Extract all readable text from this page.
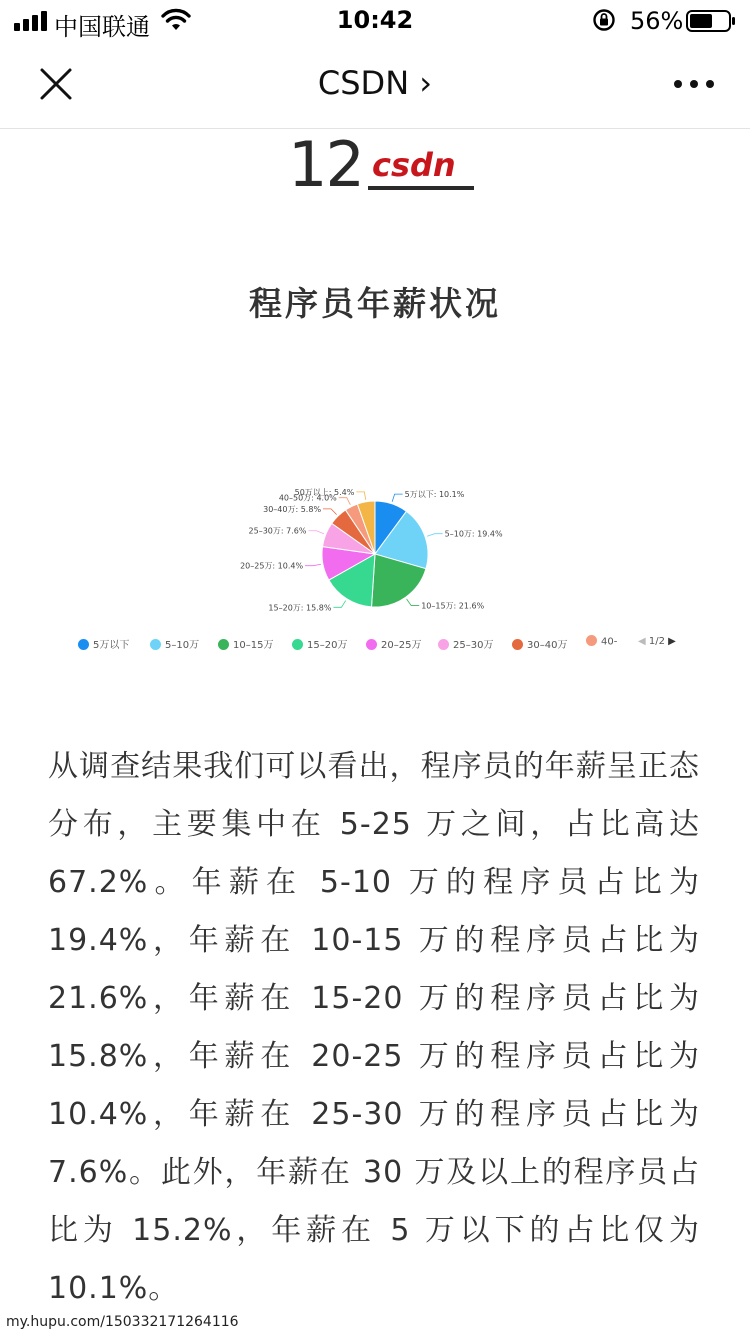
中国联通	10:42	56%
CSDN ›
12 csdn
程序员年薪状况
5万以下: 10.1%
5–10万: 19.4%
10–15万: 21.6%
15–20万: 15.8%
20–25万: 10.4%
25–30万: 7.6%
30–40万: 5.8%
40–50万: 4.0%
50万以上: 5.4%
◀ 1/2 ▶
5万以下	5–10万	10–15万	15–20万	20–25万	25–30万	30–40万	40-
从调查结果我们可以看出，程序员的年薪呈正态分布，主要集中在 5-25 万之间，占比高达 67.2%。年薪在 5-10 万的程序员占比为 19.4%，年薪在 10-15 万的程序员占比为 21.6%，年薪在 15-20 万的程序员占比为 15.8%，年薪在 20-25 万的程序员占比为 10.4%，年薪在 25-30 万的程序员占比为 7.6%。此外，年薪在 30 万及以上的程序员占比为 15.2%，年薪在 5 万以下的占比仅为 10.1%。
my.hupu.com/150332171264116
